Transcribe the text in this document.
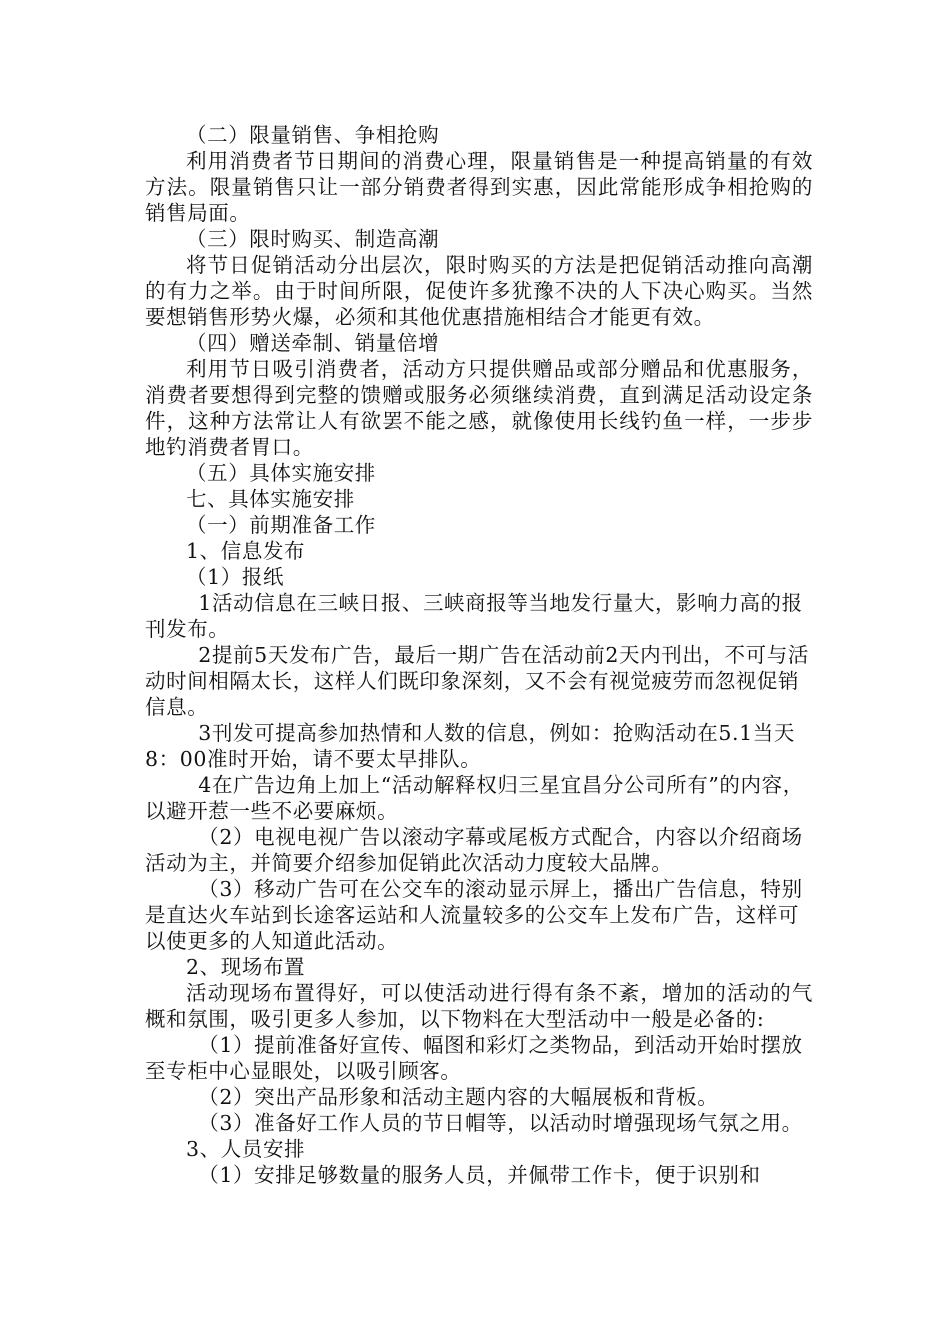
（二）限量销售、争相抢购

利用消费者节日期间的消费心理，限量销售是一种提高销量的有效方法。限量销售只让一部分销费者得到实惠，因此常能形成争相抢购的销售局面。

（三）限时购买、制造高潮

将节日促销活动分出层次，限时购买的方法是把促销活动推向高潮的有力之举。由于时间所限，促使许多犹豫不决的人下决心购买。当然要想销售形势火爆，必须和其他优惠措施相结合才能更有效。

（四）赠送牵制、销量倍增

利用节日吸引消费者，活动方只提供赠品或部分赠品和优惠服务，消费者要想得到完整的馈赠或服务必须继续消费，直到满足活动设定条件，这种方法常让人有欲罢不能之感，就像使用长线钓鱼一样，一步步地钓消费者胃口。

（五）具体实施安排

七、具体实施安排

（一）前期准备工作

1、信息发布

（1）报纸

1活动信息在三峡日报、三峡商报等当地发行量大，影响力高的报刊发布。

2提前5天发布广告，最后一期广告在活动前2天内刊出，不可与活动时间相隔太长，这样人们既印象深刻，又不会有视觉疲劳而忽视促销信息。

3刊发可提高参加热情和人数的信息，例如：抢购活动在5.1当天8：00准时开始，请不要太早排队。

4在广告边角上加上“活动解释权归三星宜昌分公司所有”的内容，以避开惹一些不必要麻烦。

（2）电视电视广告以滚动字幕或尾板方式配合，内容以介绍商场活动为主，并简要介绍参加促销此次活动力度较大品牌。

（3）移动广告可在公交车的滚动显示屏上，播出广告信息，特别是直达火车站到长途客运站和人流量较多的公交车上发布广告，这样可以使更多的人知道此活动。

2、现场布置

活动现场布置得好，可以使活动进行得有条不紊，增加的活动的气概和氛围，吸引更多人参加，以下物料在大型活动中一般是必备的:

（1）提前准备好宣传、幅图和彩灯之类物品，到活动开始时摆放至专柜中心显眼处，以吸引顾客。

（2）突出产品形象和活动主题内容的大幅展板和背板。

（3）准备好工作人员的节日帽等，以活动时增强现场气氛之用。

3、人员安排

（1）安排足够数量的服务人员，并佩带工作卡，便于识别和
